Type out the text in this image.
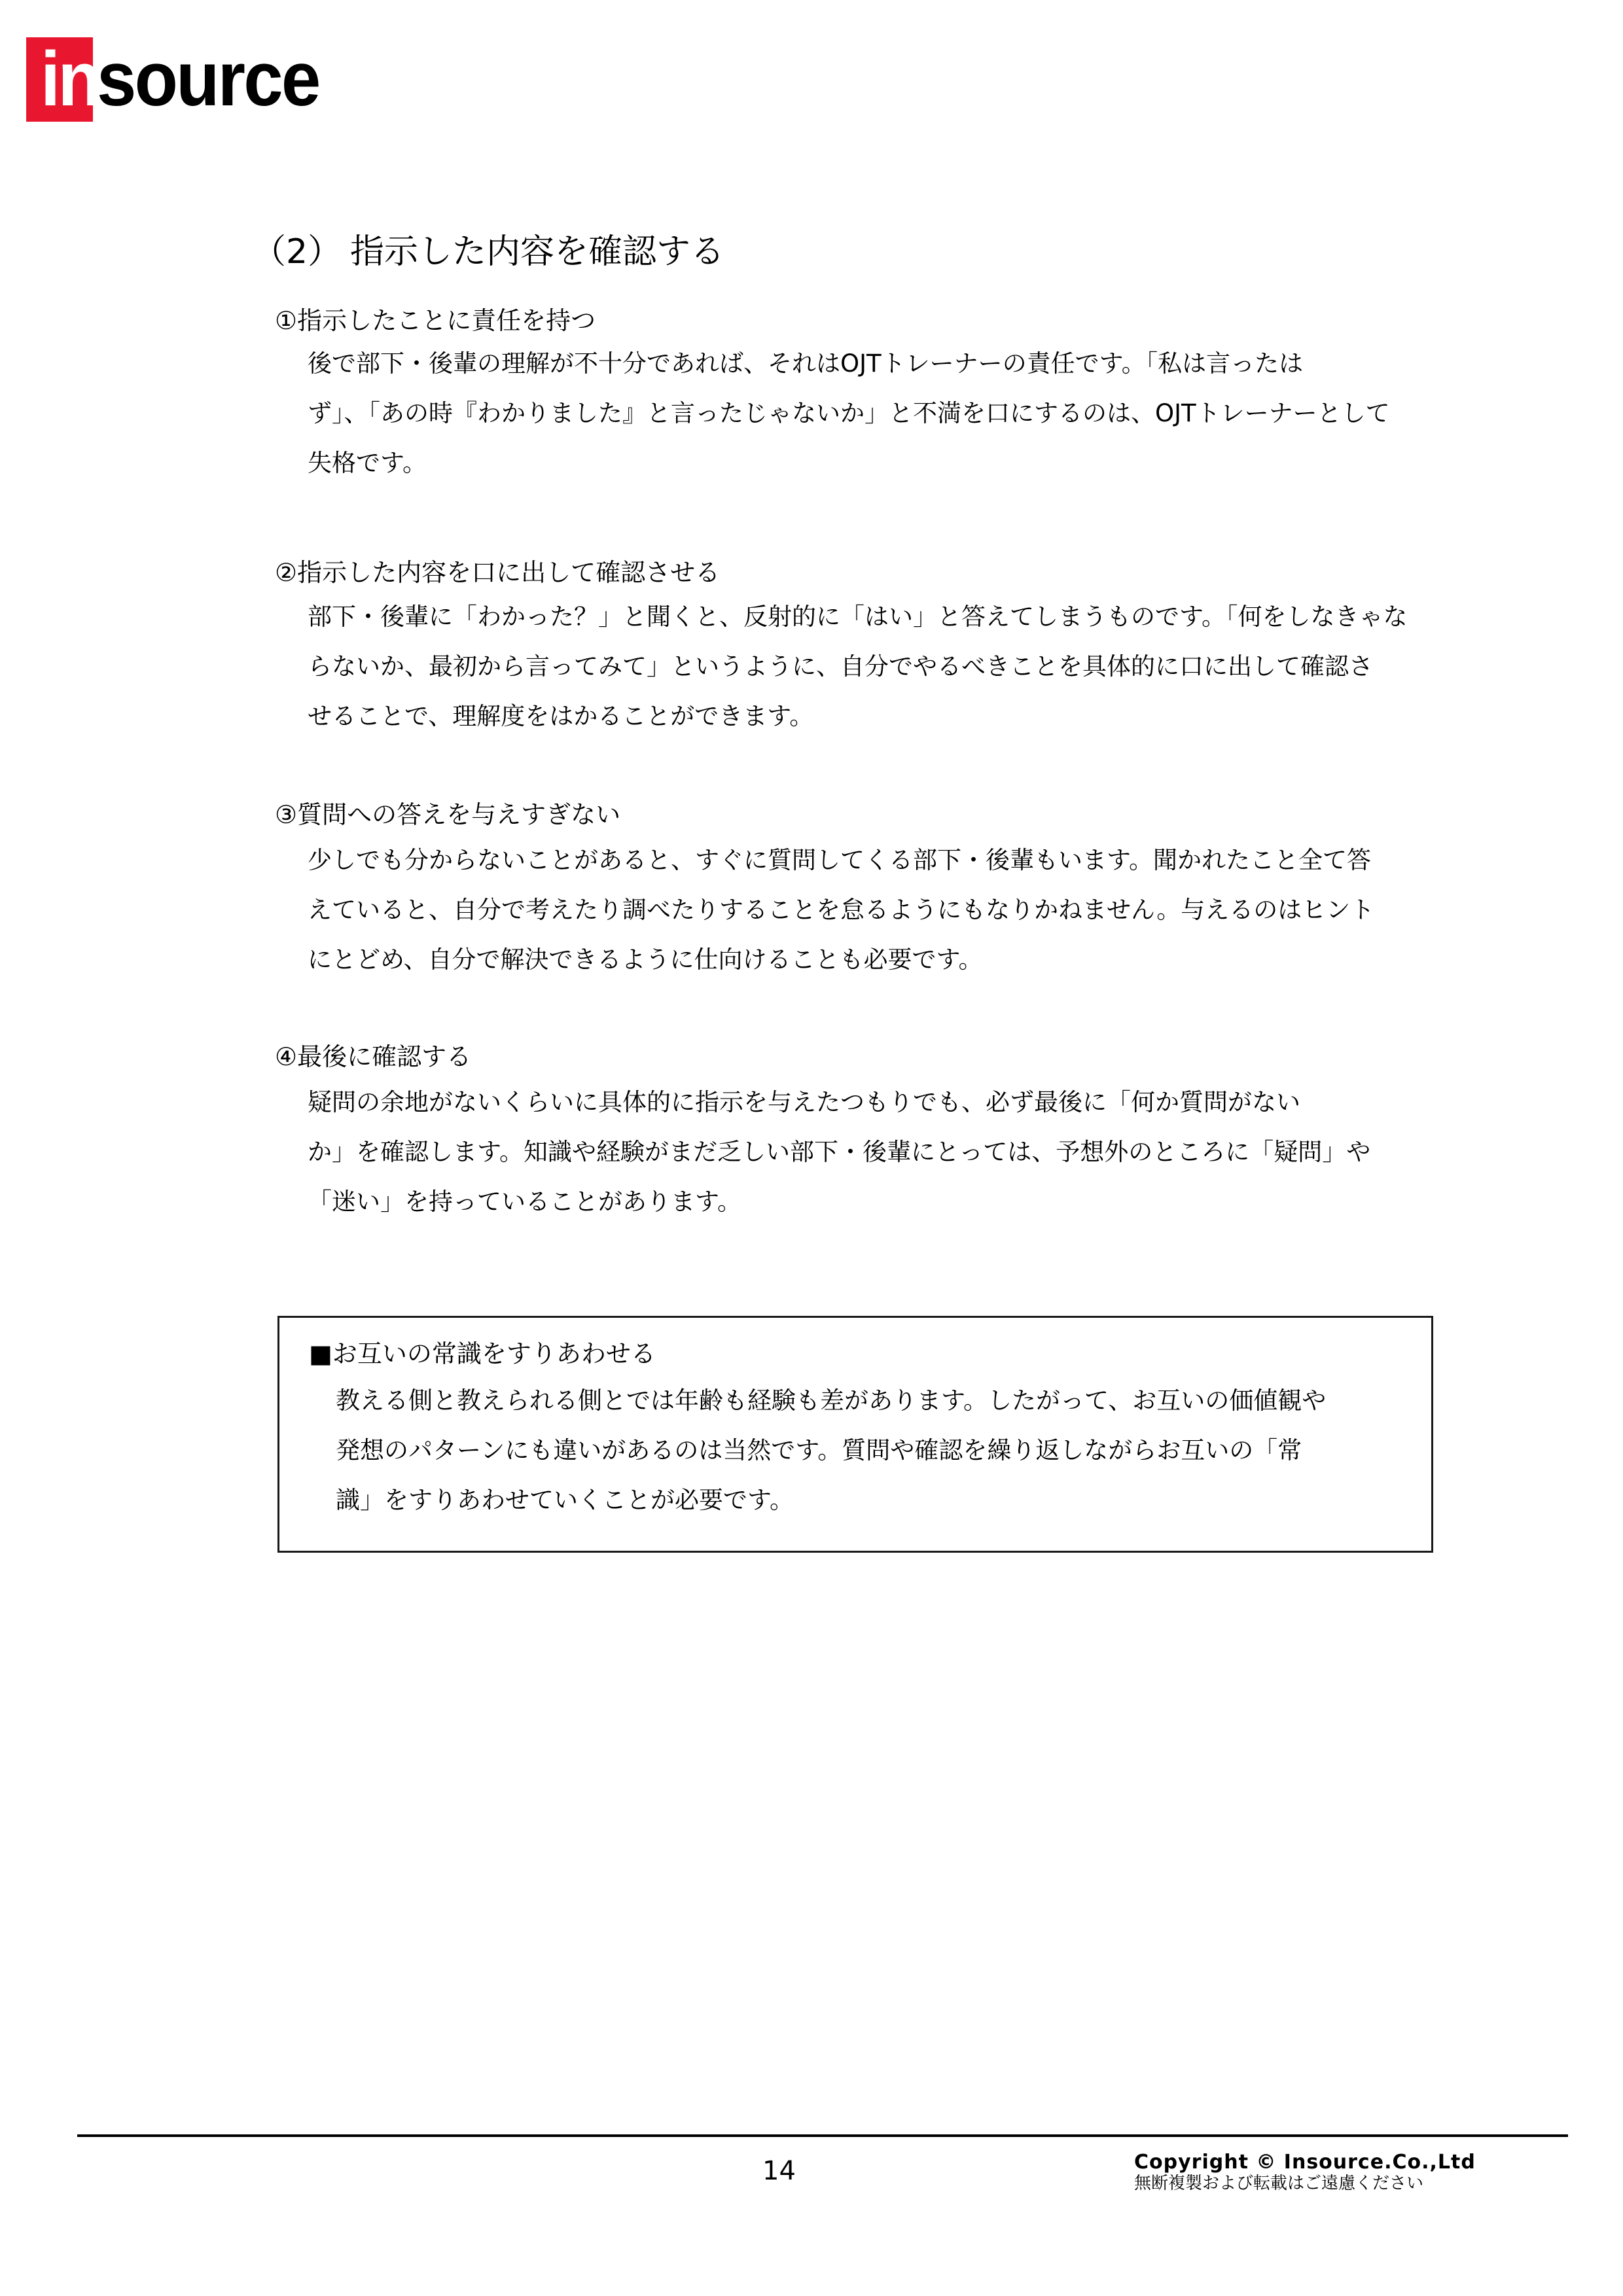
in
source
（2） 指示した内容を確認する
①指示したことに責任を持つ
後で部下・後輩の理解が不十分であれば、それはOJTトレーナーの責任です。「私は言ったは
ず」、「あの時『わかりました』と言ったじゃないか」と不満を口にするのは、OJTトレーナーとして
失格です。
②指示した内容を口に出して確認させる
部下・後輩に「わかった？」と聞くと、反射的に「はい」と答えてしまうものです。「何をしなきゃな
らないか、最初から言ってみて」というように、自分でやるべきことを具体的に口に出して確認さ
せることで、理解度をはかることができます。
③質問への答えを与えすぎない
少しでも分からないことがあると、すぐに質問してくる部下・後輩もいます。聞かれたこと全て答
えていると、自分で考えたり調べたりすることを怠るようにもなりかねません。与えるのはヒント
にとどめ、自分で解決できるように仕向けることも必要です。
④最後に確認する
疑問の余地がないくらいに具体的に指示を与えたつもりでも、必ず最後に「何か質問がない
か」を確認します。知識や経験がまだ乏しい部下・後輩にとっては、予想外のところに「疑問」や
「迷い」を持っていることがあります。
■お互いの常識をすりあわせる
教える側と教えられる側とでは年齢も経験も差があります。したがって、お互いの価値観や
発想のパターンにも違いがあるのは当然です。質問や確認を繰り返しながらお互いの「常
識」をすりあわせていくことが必要です。
14	Copyright © Insource.Co.,Ltd
無断複製および転載はご遠慮ください
